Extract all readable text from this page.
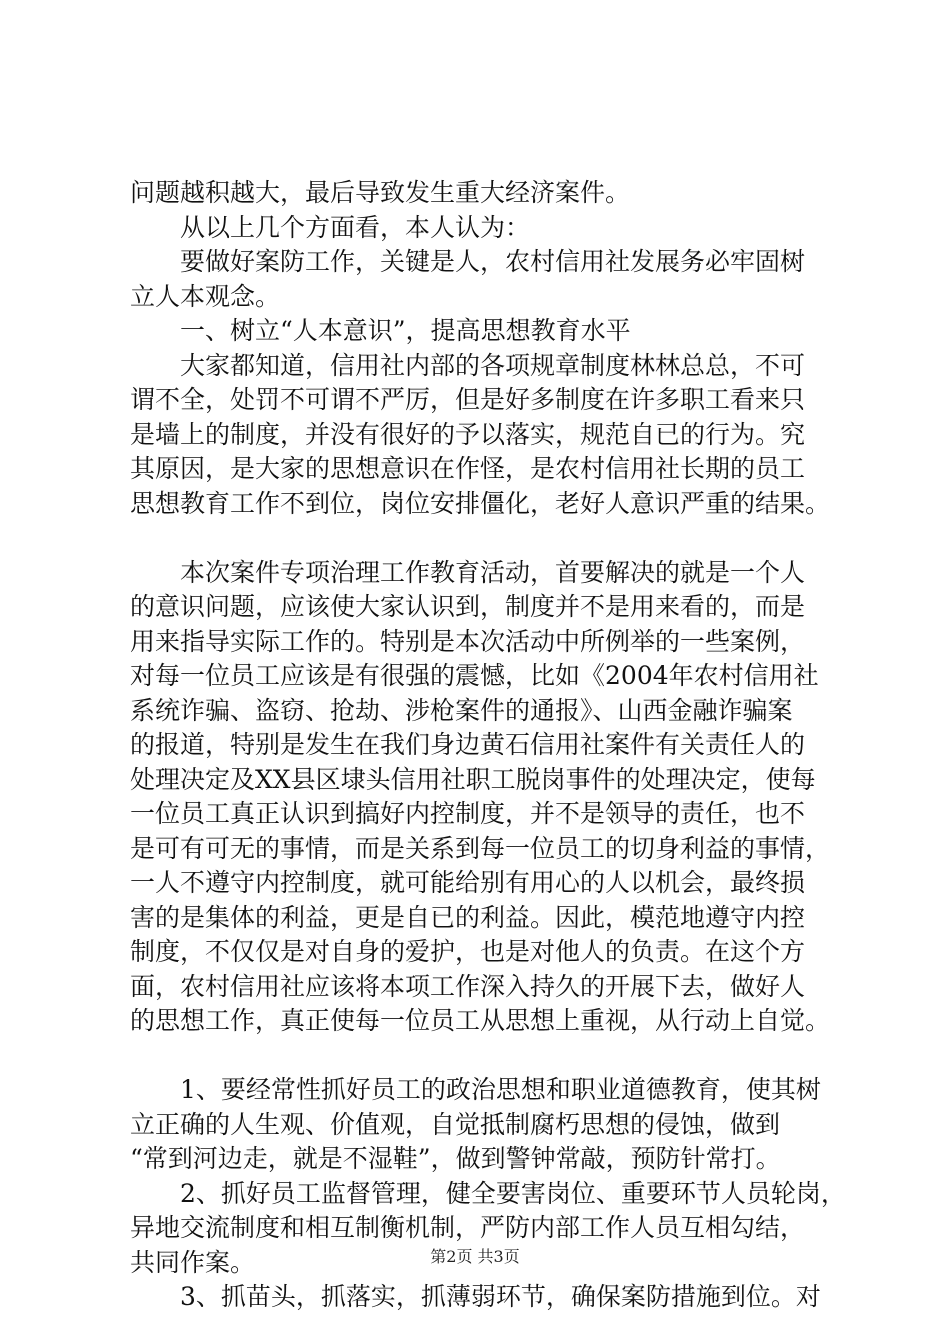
问题越积越大，最后导致发生重大经济案件。
从以上几个方面看，本人认为：
要做好案防工作，关键是人，农村信用社发展务必牢固树
立人本观念。
一、树立“人本意识”，提高思想教育水平
大家都知道，信用社内部的各项规章制度林林总总，不可
谓不全，处罚不可谓不严厉，但是好多制度在许多职工看来只
是墙上的制度，并没有很好的予以落实，规范自已的行为。究
其原因，是大家的思想意识在作怪，是农村信用社长期的员工
思想教育工作不到位，岗位安排僵化，老好人意识严重的结果。
本次案件专项治理工作教育活动，首要解决的就是一个人
的意识问题，应该使大家认识到，制度并不是用来看的，而是
用来指导实际工作的。特别是本次活动中所例举的一些案例，
对每一位员工应该是有很强的震憾，比如《2004年农村信用社
系统诈骗、盗窃、抢劫、涉枪案件的通报》、山西金融诈骗案
的报道，特别是发生在我们身边黄石信用社案件有关责任人的
处理决定及XX县区埭头信用社职工脱岗事件的处理决定，使每
一位员工真正认识到搞好内控制度，并不是领导的责任，也不
是可有可无的事情，而是关系到每一位员工的切身利益的事情，
一人不遵守内控制度，就可能给别有用心的人以机会，最终损
害的是集体的利益，更是自已的利益。因此，模范地遵守内控
制度，不仅仅是对自身的爱护，也是对他人的负责。在这个方
面，农村信用社应该将本项工作深入持久的开展下去，做好人
的思想工作，真正使每一位员工从思想上重视，从行动上自觉。
1、要经常性抓好员工的政治思想和职业道德教育，使其树
立正确的人生观、价值观，自觉抵制腐朽思想的侵蚀，做到
“常到河边走，就是不湿鞋”，做到警钟常敲，预防针常打。
2、抓好员工监督管理，健全要害岗位、重要环节人员轮岗，
异地交流制度和相互制衡机制，严防内部工作人员互相勾结，
共同作案。
3、抓苗头，抓落实，抓薄弱环节，确保案防措施到位。对
第2页 共3页
